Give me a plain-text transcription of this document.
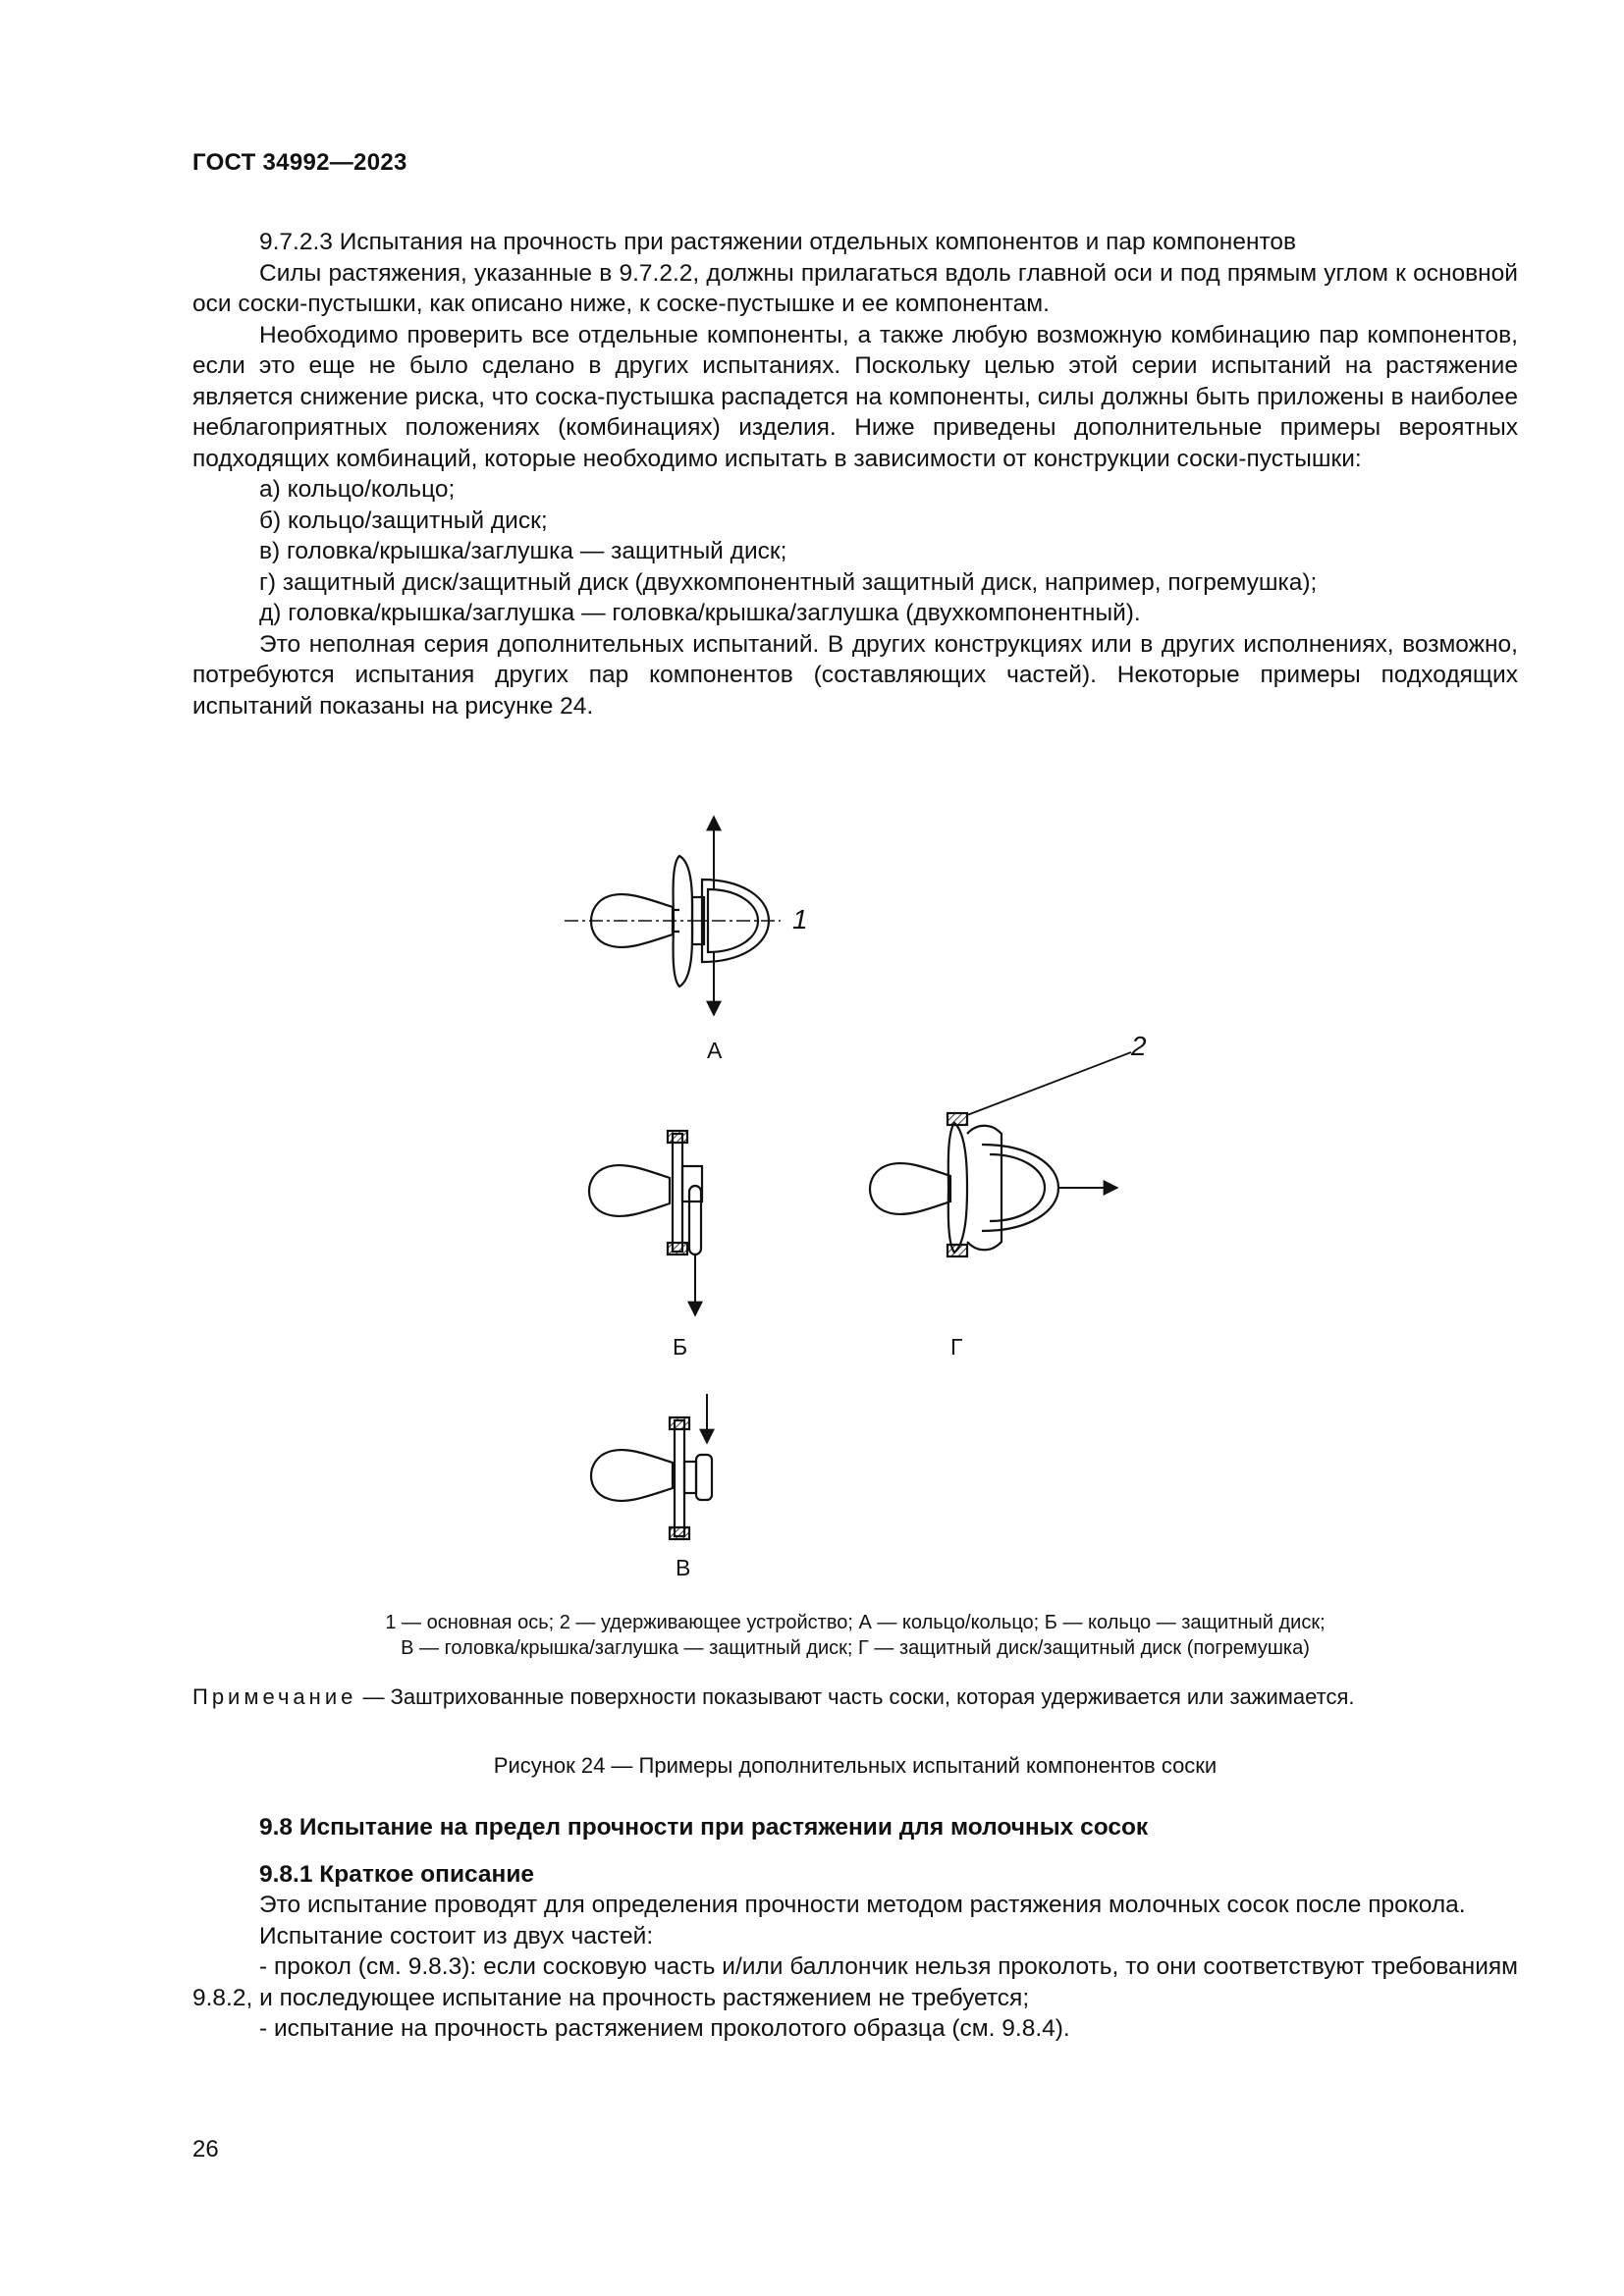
ГОСТ 34992—2023

9.7.2.3 Испытания на прочность при растяжении отдельных компонентов и пар компонентов

Силы растяжения, указанные в 9.7.2.2, должны прилагаться вдоль главной оси и под прямым углом к основной оси соски-пустышки, как описано ниже, к соске-пустышке и ее компонентам.

Необходимо проверить все отдельные компоненты, а также любую возможную комбинацию пар компонентов, если это еще не было сделано в других испытаниях. Поскольку целью этой серии испытаний на растяжение является снижение риска, что соска-пустышка распадется на компоненты, силы должны быть приложены в наиболее неблагоприятных положениях (комбинациях) изделия. Ниже приведены дополнительные примеры вероятных подходящих комбинаций, которые необходимо испытать в зависимости от конструкции соски-пустышки:

а) кольцо/кольцо;

б) кольцо/защитный диск;

в) головка/крышка/заглушка — защитный диск;

г) защитный диск/защитный диск (двухкомпонентный защитный диск, например, погремушка);

д) головка/крышка/заглушка — головка/крышка/заглушка (двухкомпонентный).

Это неполная серия дополнительных испытаний. В других конструкциях или в других исполнениях, возможно, потребуются испытания других пар компонентов (составляющих частей). Некоторые примеры подходящих испытаний показаны на рисунке 24.

1
А
Б
2
Г
В
1 — основная ось; 2 — удерживающее устройство; А — кольцо/кольцо; Б — кольцо — защитный диск;
В — головка/крышка/заглушка — защитный диск; Г — защитный диск/защитный диск (погремушка)
Примечание — Заштрихованные поверхности показывают часть соски, которая удерживается или зажимается.
Рисунок 24 — Примеры дополнительных испытаний компонентов соски
9.8 Испытание на предел прочности при растяжении для молочных сосок
9.8.1 Краткое описание

Это испытание проводят для определения прочности методом растяжения молочных сосок после прокола.

Испытание состоит из двух частей:

- прокол (см. 9.8.3): если сосковую часть и/или баллончик нельзя проколоть, то они соответствуют требованиям 9.8.2, и последующее испытание на прочность растяжением не требуется;

- испытание на прочность растяжением проколотого образца (см. 9.8.4).

26
